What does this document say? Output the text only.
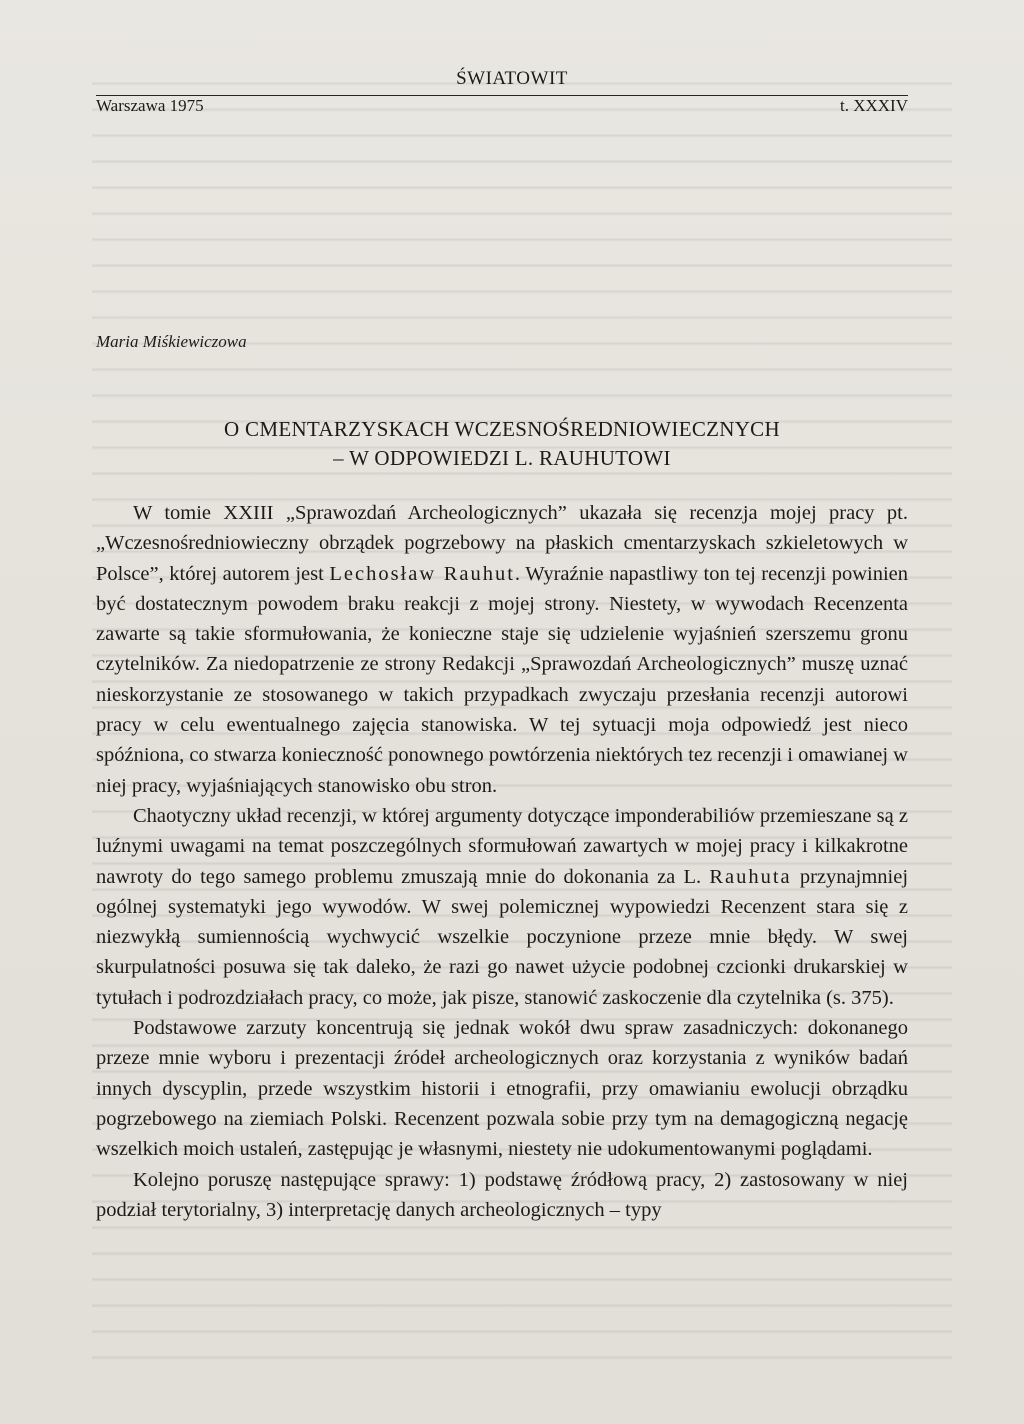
ŚWIATOWIT
Warszawa 1975	t. XXXIV
Maria Miśkiewiczowa
O CMENTARZYSKACH WCZESNOŚREDNIOWIECZNYCH
– W ODPOWIEDZI L. RAUHUTOWI

W tomie XXIII „Sprawozdań Archeologicznych” ukazała się recenzja mojej pracy pt. „Wczesnośredniowieczny obrządek pogrzebowy na płaskich cmentarzyskach szkieletowych w Polsce”, której autorem jest Lechosław Rauhut. Wyraźnie napastliwy ton tej recenzji powinien być dostatecznym powodem braku reakcji z mojej strony. Niestety, w wywodach Recenzenta zawarte są takie sformułowania, że konieczne staje się udzielenie wyjaśnień szerszemu gronu czytelników. Za niedopatrzenie ze strony Redakcji „Sprawozdań Archeologicznych” muszę uznać nieskorzystanie ze stosowanego w takich przypadkach zwyczaju przesłania recenzji autorowi pracy w celu ewentualnego zajęcia stanowiska. W tej sytuacji moja odpowiedź jest nieco spóźniona, co stwarza konieczność ponownego powtórzenia niektórych tez recenzji i omawianej w niej pracy, wyjaśniających stanowisko obu stron.

Chaotyczny układ recenzji, w której argumenty dotyczące imponderabiliów przemieszane są z luźnymi uwagami na temat poszczególnych sformułowań zawartych w mojej pracy i kilkakrotne nawroty do tego samego problemu zmuszają mnie do dokonania za L. Rauhuta przynajmniej ogólnej systematyki jego wywodów. W swej polemicznej wypowiedzi Recenzent stara się z niezwykłą sumiennością wychwycić wszelkie poczynione przeze mnie błędy. W swej skurpulatności posuwa się tak daleko, że razi go nawet użycie podobnej czcionki drukarskiej w tytułach i podrozdziałach pracy, co może, jak pisze, stanowić zaskoczenie dla czytelnika (s. 375).

Podstawowe zarzuty koncentrują się jednak wokół dwu spraw zasadniczych: dokonanego przeze mnie wyboru i prezentacji źródeł archeologicznych oraz korzystania z wyników badań innych dyscyplin, przede wszystkim historii i etnografii, przy omawianiu ewolucji obrządku pogrzebowego na ziemiach Polski. Recenzent pozwala sobie przy tym na demagogiczną negację wszelkich moich ustaleń, zastępując je własnymi, niestety nie udokumentowanymi poglądami.

Kolejno poruszę następujące sprawy: 1) podstawę źródłową pracy, 2) zastosowany w niej podział terytorialny, 3) interpretację danych archeologicznych – typy
